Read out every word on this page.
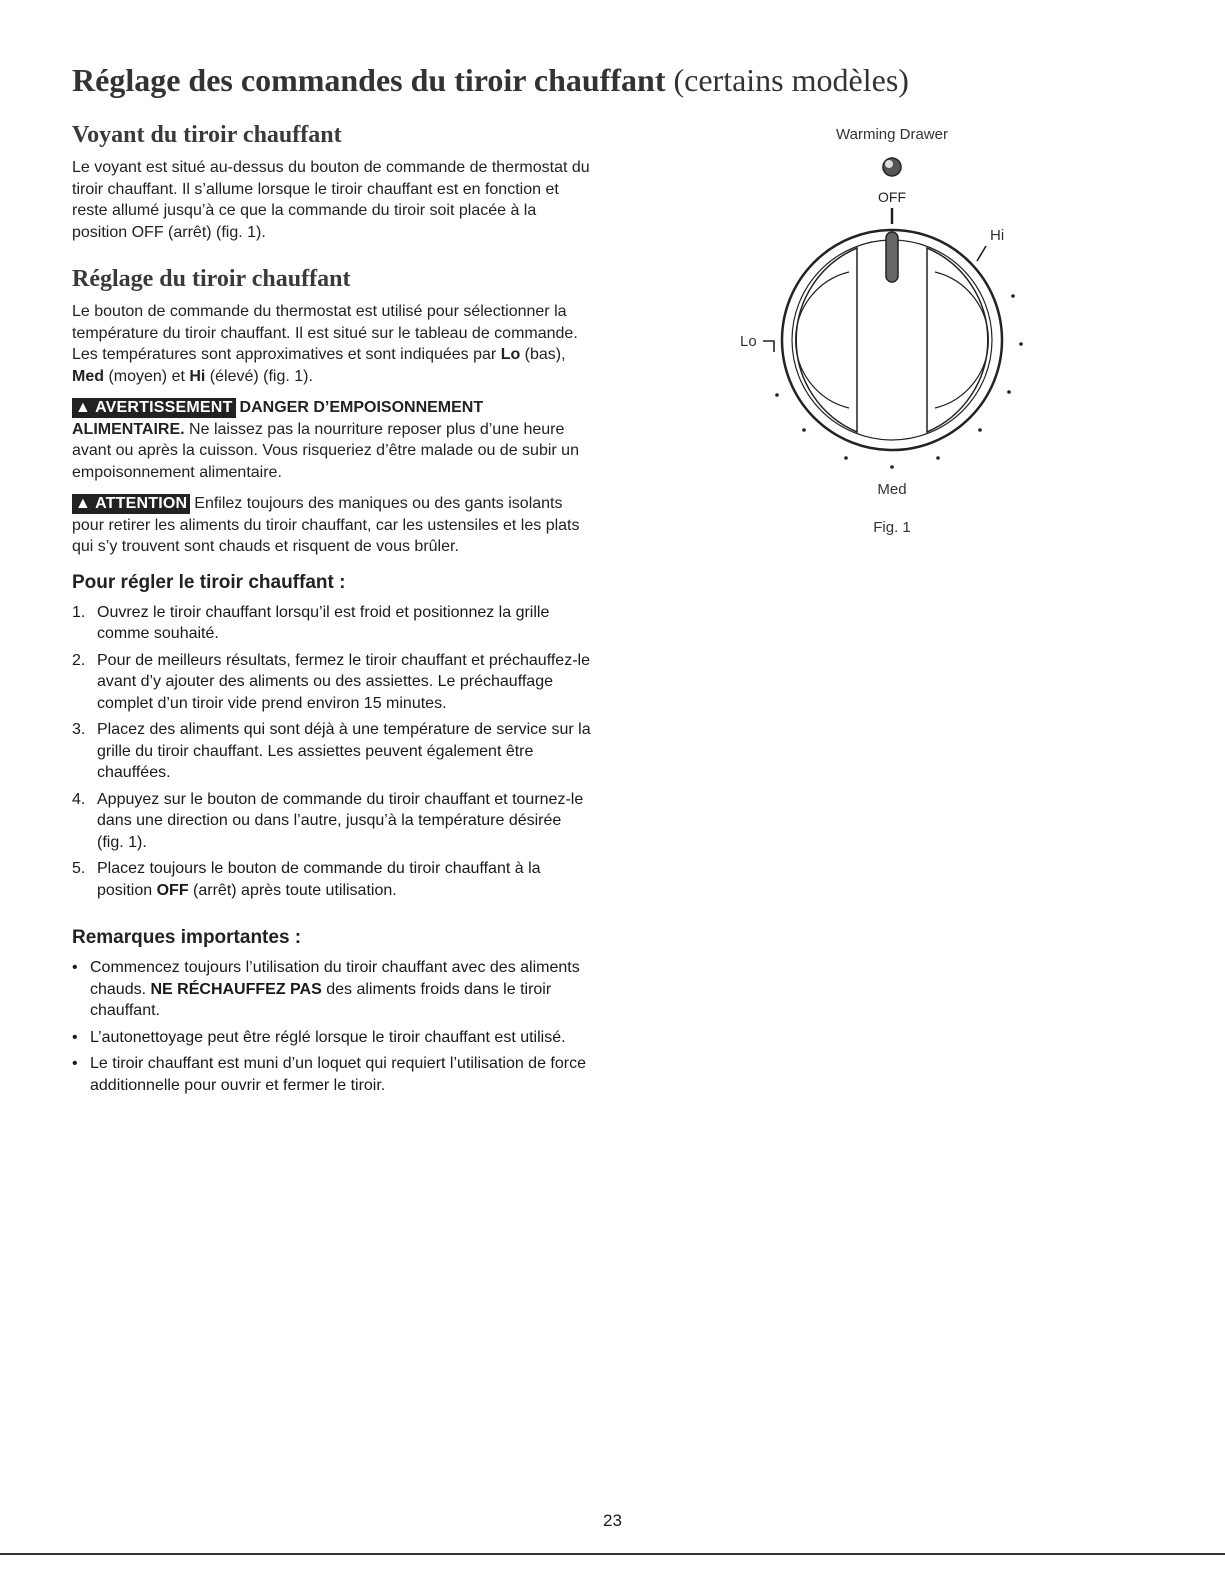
Réglage des commandes du tiroir chauffant (certains modèles)
Voyant du tiroir chauffant

Le voyant est situé au-dessus du bouton de commande de thermostat du tiroir chauffant. Il s’allume lorsque le tiroir chauffant est en fonction et reste allumé jusqu’à ce que la commande du tiroir soit placée à la position OFF (arrêt) (fig. 1).

Réglage du tiroir chauffant

Le bouton de commande du thermostat est utilisé pour sélectionner la température du tiroir chauffant. Il est situé sur le tableau de commande. Les températures sont approximatives et sont indiquées par Lo (bas), Med (moyen) et Hi (élevé) (fig. 1).

▲ AVERTISSEMENT DANGER D’EMPOISONNEMENT ALIMENTAIRE. Ne laissez pas la nourriture reposer plus d’une heure avant ou après la cuisson. Vous risqueriez d’être malade ou de subir un empoisonnement alimentaire.

▲ ATTENTION Enfilez toujours des maniques ou des gants isolants pour retirer les aliments du tiroir chauffant, car les ustensiles et les plats qui s’y trouvent sont chauds et risquent de vous brûler.

Pour régler le tiroir chauffant :
1. Ouvrez le tiroir chauffant lorsqu’il est froid et positionnez la grille comme souhaité.
2. Pour de meilleurs résultats, fermez le tiroir chauffant et préchauffez-le avant d’y ajouter des aliments ou des assiettes. Le préchauffage complet d’un tiroir vide prend environ 15 minutes.
3. Placez des aliments qui sont déjà à une température de service sur la grille du tiroir chauffant. Les assiettes peuvent également être chauffées.
4. Appuyez sur le bouton de commande du tiroir chauffant et tournez-le dans une direction ou dans l’autre, jusqu’à la température désirée (fig. 1).
5. Placez toujours le bouton de commande du tiroir chauffant à la position OFF (arrêt) après toute utilisation.
Remarques importantes :
• Commencez toujours l’utilisation du tiroir chauffant avec des aliments chauds. NE RÉCHAUFFEZ PAS des aliments froids dans le tiroir chauffant.
• L’autonettoyage peut être réglé lorsque le tiroir chauffant est utilisé.
• Le tiroir chauffant est muni d’un loquet qui requiert l’utilisation de force additionnelle pour ouvrir et fermer le tiroir.
Warming Drawer
OFF
Lo
Hi
Med
Fig. 1
23
